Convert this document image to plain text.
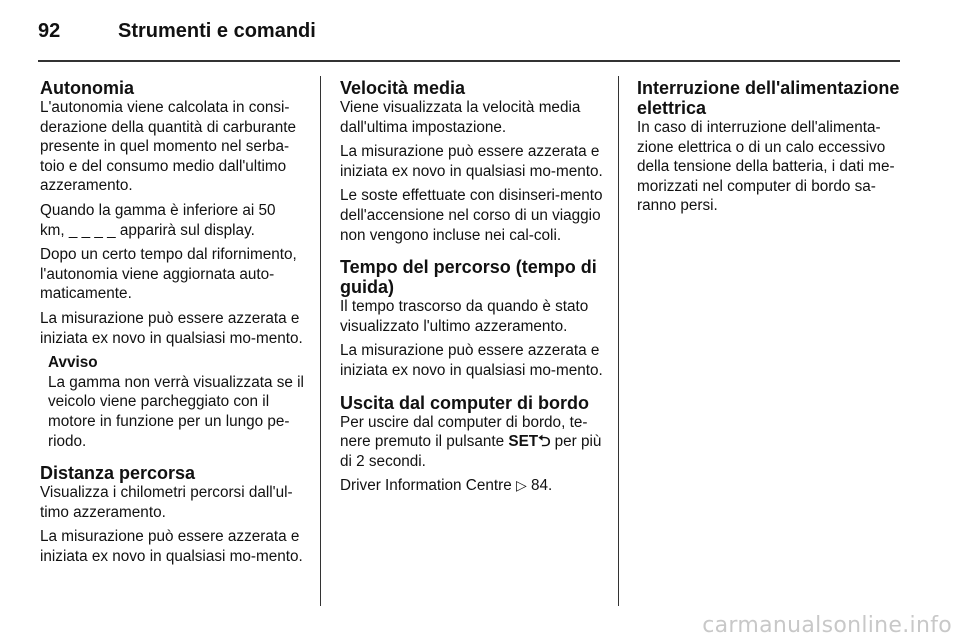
92	Strumenti e comandi
Autonomia

L'autonomia viene calcolata in consi-derazione della quantità di carburante presente in quel momento nel serba-toio e del consumo medio dall'ultimo azzeramento.

Quando la gamma è inferiore ai 50 km, _ _ _ _ apparirà sul display.

Dopo un certo tempo dal rifornimento, l'autonomia viene aggiornata auto-maticamente.

La misurazione può essere azzerata e iniziata ex novo in qualsiasi mo-mento.

Avviso

La gamma non verrà visualizzata se il veicolo viene parcheggiato con il motore in funzione per un lungo pe-riodo.

Distanza percorsa

Visualizza i chilometri percorsi dall'ul-timo azzeramento.

La misurazione può essere azzerata e iniziata ex novo in qualsiasi mo-mento.

Velocità media

Viene visualizzata la velocità media dall'ultima impostazione.

La misurazione può essere azzerata e iniziata ex novo in qualsiasi mo-mento.

Le soste effettuate con disinseri-mento dell'accensione nel corso di un viaggio non vengono incluse nei cal-coli.

Tempo del percorso (tempo di guida)

Il tempo trascorso da quando è stato visualizzato l'ultimo azzeramento.

La misurazione può essere azzerata e iniziata ex novo in qualsiasi mo-mento.

Uscita dal computer di bordo

Per uscire dal computer di bordo, te-nere premuto il pulsante SET⮌ per più di 2 secondi.

Driver Information Centre ▷ 84.

Interruzione dell'alimentazione elettrica

In caso di interruzione dell'alimenta-zione elettrica o di un calo eccessivo della tensione della batteria, i dati me-morizzati nel computer di bordo sa-ranno persi.

carmanualsonline.info
